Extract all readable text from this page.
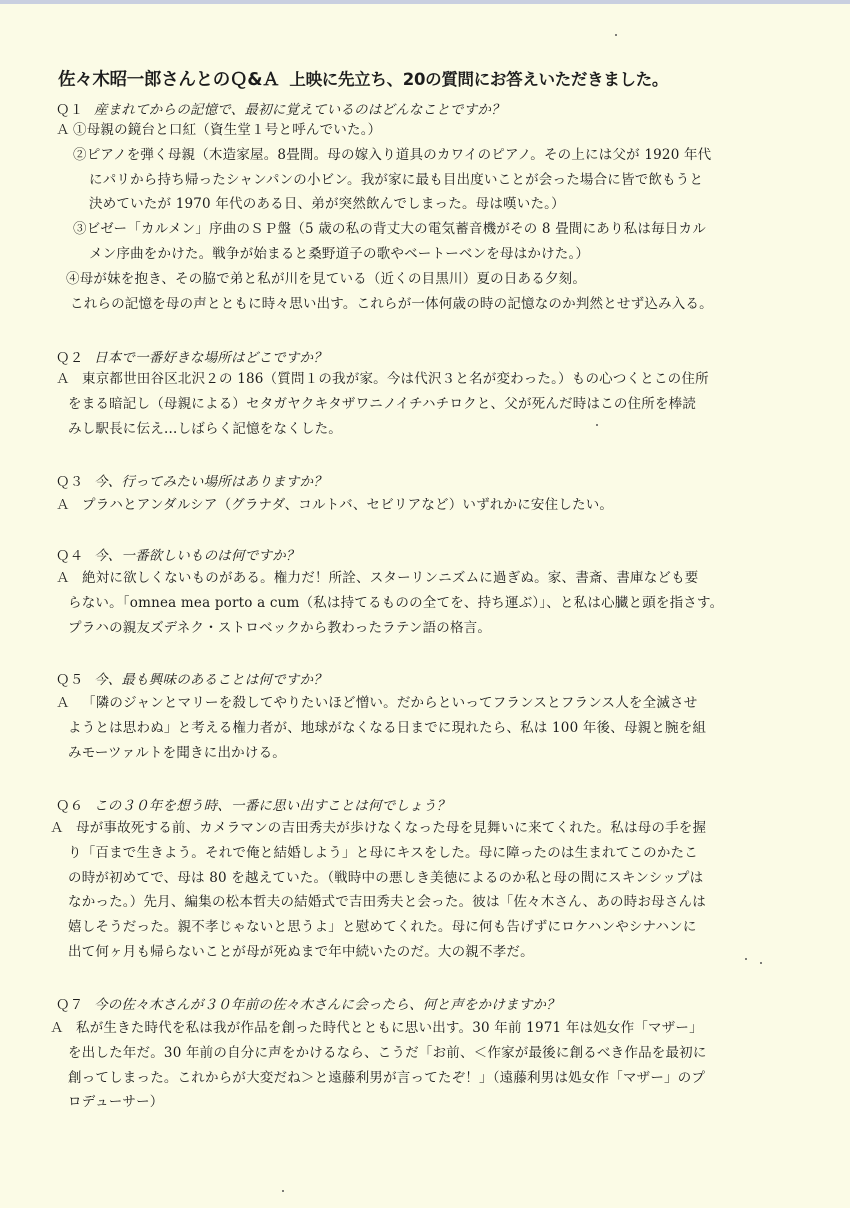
佐々木昭一郎さんとのＱ&Ａ 上映に先立ち、20の質問にお答えいただきました。
Ｑ１ 産まれてからの記憶で、最初に覚えているのはどんなことですか？
Ａ ①母親の鏡台と口紅（資生堂１号と呼んでいた。）
②ピアノを弾く母親（木造家屋。8畳間。母の嫁入り道具のカワイのピアノ。その上には父が 1920 年代
にパリから持ち帰ったシャンパンの小ビン。我が家に最も目出度いことが会った場合に皆で飲もうと
決めていたが 1970 年代のある日、弟が突然飲んでしまった。母は嘆いた。）
③ビゼー「カルメン」序曲のＳＰ盤（5 歳の私の背丈大の電気蓄音機がその 8 畳間にあり私は毎日カル
メン序曲をかけた。戦争が始まると桑野道子の歌やベートーベンを母はかけた。）
④母が妹を抱き、その脇で弟と私が川を見ている（近くの目黒川）夏の日ある夕刻。
これらの記憶を母の声とともに時々思い出す。これらが一体何歳の時の記憶なのか判然とせず込み入る。
Ｑ２ 日本で一番好きな場所はどこですか？
Ａ 東京都世田谷区北沢２の 186（質問１の我が家。今は代沢３と名が変わった。）もの心つくとこの住所
をまる暗記し（母親による）セタガヤクキタザワニノイチハチロクと、父が死んだ時はこの住所を棒読
みし駅長に伝え…しばらく記憶をなくした。
Ｑ３ 今、行ってみたい場所はありますか？
Ａ プラハとアンダルシア（グラナダ、コルトバ、セビリアなど）いずれかに安住したい。
Ｑ４ 今、一番欲しいものは何ですか？
Ａ 絶対に欲しくないものがある。権力だ！所詮、スターリンニズムに過ぎぬ。家、書斎、書庫なども要
らない。「omnea mea porto a cum（私は持てるものの全てを、持ち運ぶ）」、と私は心臓と頭を指さす。
プラハの親友ズデネク・ストロベックから教わったラテン語の格言。
Ｑ５ 今、最も興味のあることは何ですか？
Ａ 「隣のジャンとマリーを殺してやりたいほど憎い。だからといってフランスとフランス人を全滅させ
ようとは思わぬ」と考える権力者が、地球がなくなる日までに現れたら、私は 100 年後、母親と腕を組
みモーツァルトを聞きに出かける。
Ｑ６ この３０年を想う時、一番に思い出すことは何でしょう？
Ａ 母が事故死する前、カメラマンの吉田秀夫が歩けなくなった母を見舞いに来てくれた。私は母の手を握
り「百まで生きよう。それで俺と結婚しよう」と母にキスをした。母に障ったのは生まれてこのかたこ
の時が初めてで、母は 80 を越えていた。（戦時中の悪しき美徳によるのか私と母の間にスキンシップは
なかった。）先月、編集の松本哲夫の結婚式で吉田秀夫と会った。彼は「佐々木さん、あの時お母さんは
嬉しそうだった。親不孝じゃないと思うよ」と慰めてくれた。母に何も告げずにロケハンやシナハンに
出て何ヶ月も帰らないことが母が死ぬまで年中続いたのだ。大の親不孝だ。
Ｑ７ 今の佐々木さんが３０年前の佐々木さんに会ったら、何と声をかけますか？
Ａ 私が生きた時代を私は我が作品を創った時代とともに思い出す。30 年前 1971 年は処女作「マザー」
を出した年だ。30 年前の自分に声をかけるなら、こうだ「お前、＜作家が最後に創るべき作品を最初に
創ってしまった。これからが大変だね＞と遠藤利男が言ってたぞ！」（遠藤利男は処女作「マザー」のプ
ロデューサー）
